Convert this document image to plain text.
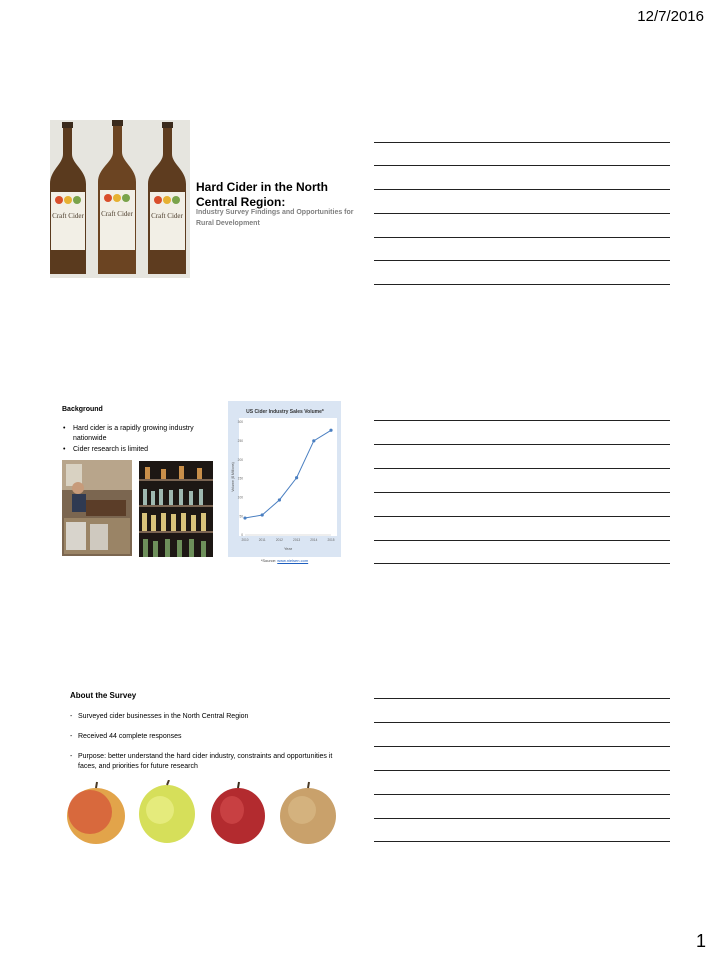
12/7/2016
Craft Cider Craft Cider	Craft Cider
Hard Cider in the North Central Region:
Industry Survey Findings and Opportunities for Rural Development
Background
• Hard cider is a rapidly growing industry nationwide
• Cider research is limited
US Cider Industry Sales Volume*
Year
Volume ($ Millions)
0
50
100
150
200
250
300
2010	2011	2012	2013	2014	2015
*Source: www.nielsen.com
About the Survey
- Surveyed cider businesses in the North Central Region
- Received 44 complete responses
- Purpose: better understand the hard cider industry, constraints and opportunities it faces, and priorities for future research
1
